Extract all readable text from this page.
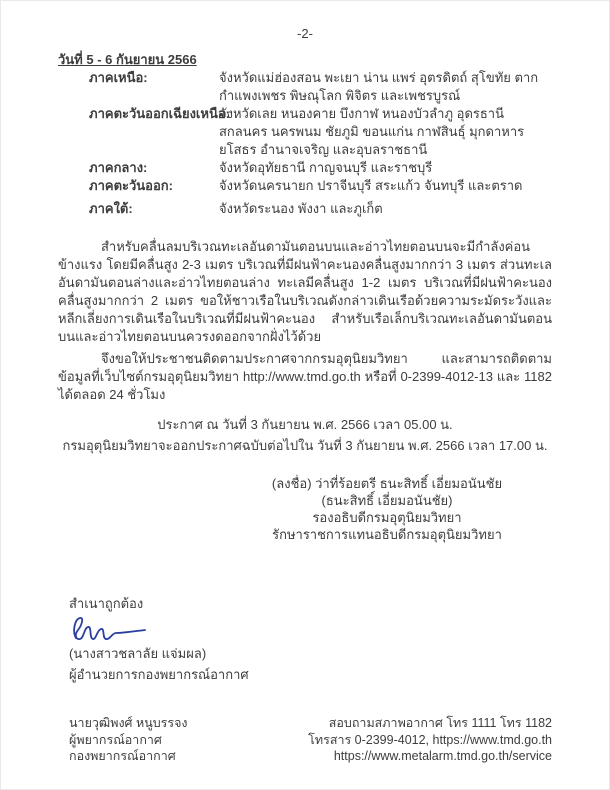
-2-
วันที่ 5 - 6 กันยายน 2566
ภาคเหนือ:	จังหวัดแม่ฮ่องสอน พะเยา น่าน แพร่ อุตรดิตถ์ สุโขทัย ตาก กำแพงเพชร พิษณุโลก พิจิตร และเพชรบูรณ์
ภาคตะวันออกเฉียงเหนือ:
จังหวัดเลย หนองคาย บึงกาฬ หนองบัวลำภู อุดรธานี สกลนคร นครพนม ชัยภูมิ ขอนแก่น กาฬสินธุ์ มุกดาหาร ยโสธร อำนาจเจริญ และอุบลราชธานี
ภาคกลาง:	จังหวัดอุทัยธานี กาญจนบุรี และราชบุรี
ภาคตะวันออก:	จังหวัดนครนายก ปราจีนบุรี สระแก้ว จันทบุรี และตราด
ภาคใต้:	จังหวัดระนอง พังงา และภูเก็ต
สำหรับคลื่นลมบริเวณทะเลอันดามันตอนบนและอ่าวไทยตอนบนจะมีกำลังค่อนข้างแรง โดยมีคลื่นสูง 2-3 เมตร บริเวณที่มีฝนฟ้าคะนองคลื่นสูงมากกว่า 3 เมตร ส่วนทะเลอันดามันตอนล่างและอ่าวไทยตอนล่าง ทะเลมีคลื่นสูง 1-2 เมตร บริเวณที่มีฝนฟ้าคะนองคลื่นสูงมากกว่า 2 เมตร ขอให้ชาวเรือในบริเวณดังกล่าวเดินเรือด้วยความระมัดระวังและหลีกเลี่ยงการเดินเรือในบริเวณที่มีฝนฟ้าคะนอง สำหรับเรือเล็กบริเวณทะเลอันดามันตอนบนและอ่าวไทยตอนบนควรงดออกจากฝั่งไว้ด้วย
จึงขอให้ประชาชนติดตามประกาศจากกรมอุตุนิยมวิทยา และสามารถติดตามข้อมูลที่เว็บไซต์กรมอุตุนิยมวิทยา http://www.tmd.go.th หรือที่ 0-2399-4012-13 และ 1182 ได้ตลอด 24 ชั่วโมง
ประกาศ ณ วันที่ 3 กันยายน พ.ศ. 2566 เวลา 05.00 น.
กรมอุตุนิยมวิทยาจะออกประกาศฉบับต่อไปใน วันที่ 3 กันยายน พ.ศ. 2566 เวลา 17.00 น.
(ลงชื่อ) ว่าที่ร้อยตรี ธนะสิทธิ์ เอี่ยมอนันชัย
(ธนะสิทธิ์ เอี่ยมอนันชัย)
รองอธิบดีกรมอุตุนิยมวิทยา
รักษาราชการแทนอธิบดีกรมอุตุนิยมวิทยา
สำเนาถูกต้อง
(นางสาวชลาลัย แจ่มผล)
ผู้อำนวยการกองพยากรณ์อากาศ
นายวุฒิพงศ์ หนูบรรจง
ผู้พยากรณ์อากาศ
กองพยากรณ์อากาศ
สอบถามสภาพอากาศ โทร 1111 โทร 1182
โทรสาร 0-2399-4012, https://www.tmd.go.th
https://www.metalarm.tmd.go.th/service
